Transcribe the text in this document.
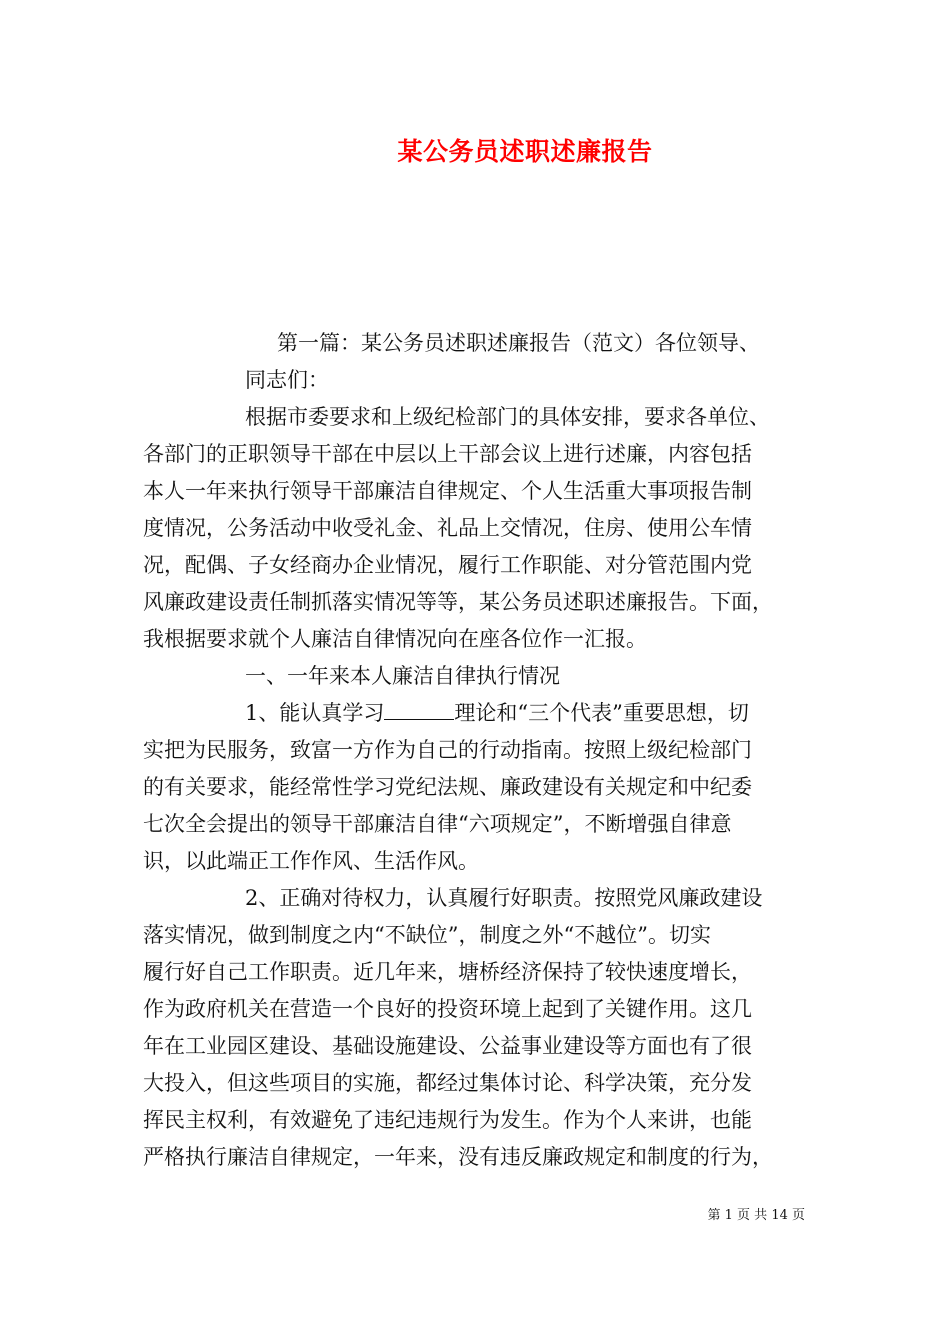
某公务员述职述廉报告

第一篇：某公务员述职述廉报告（范文）各位领导、
同志们：

根据市委要求和上级纪检部门的具体安排，要求各单位、
各部门的正职领导干部在中层以上干部会议上进行述廉，内容包括
本人一年来执行领导干部廉洁自律规定、个人生活重大事项报告制
度情况，公务活动中收受礼金、礼品上交情况，住房、使用公车情
况，配偶、子女经商办企业情况，履行工作职能、对分管范围内党
风廉政建设责任制抓落实情况等等，某公务员述职述廉报告。下面，
我根据要求就个人廉洁自律情况向在座各位作一汇报。

一、一年来本人廉洁自律执行情况

1、能认真学习	理论和“三个代表”重要思想，切
实把为民服务，致富一方作为自己的行动指南。按照上级纪检部门
的有关要求，能经常性学习党纪法规、廉政建设有关规定和中纪委
七次全会提出的领导干部廉洁自律“六项规定”，不断增强自律意
识，以此端正工作作风、生活作风。

2、正确对待权力，认真履行好职责。按照党风廉政建设
落实情况，做到制度之内“不缺位”，制度之外“不越位”。切实
履行好自己工作职责。近几年来，塘桥经济保持了较快速度增长，
作为政府机关在营造一个良好的投资环境上起到了关键作用。这几
年在工业园区建设、基础设施建设、公益事业建设等方面也有了很
大投入，但这些项目的实施，都经过集体讨论、科学决策，充分发
挥民主权利，有效避免了违纪违规行为发生。作为个人来讲，也能
严格执行廉洁自律规定，一年来，没有违反廉政规定和制度的行为，

第 1 页 共 14 页
